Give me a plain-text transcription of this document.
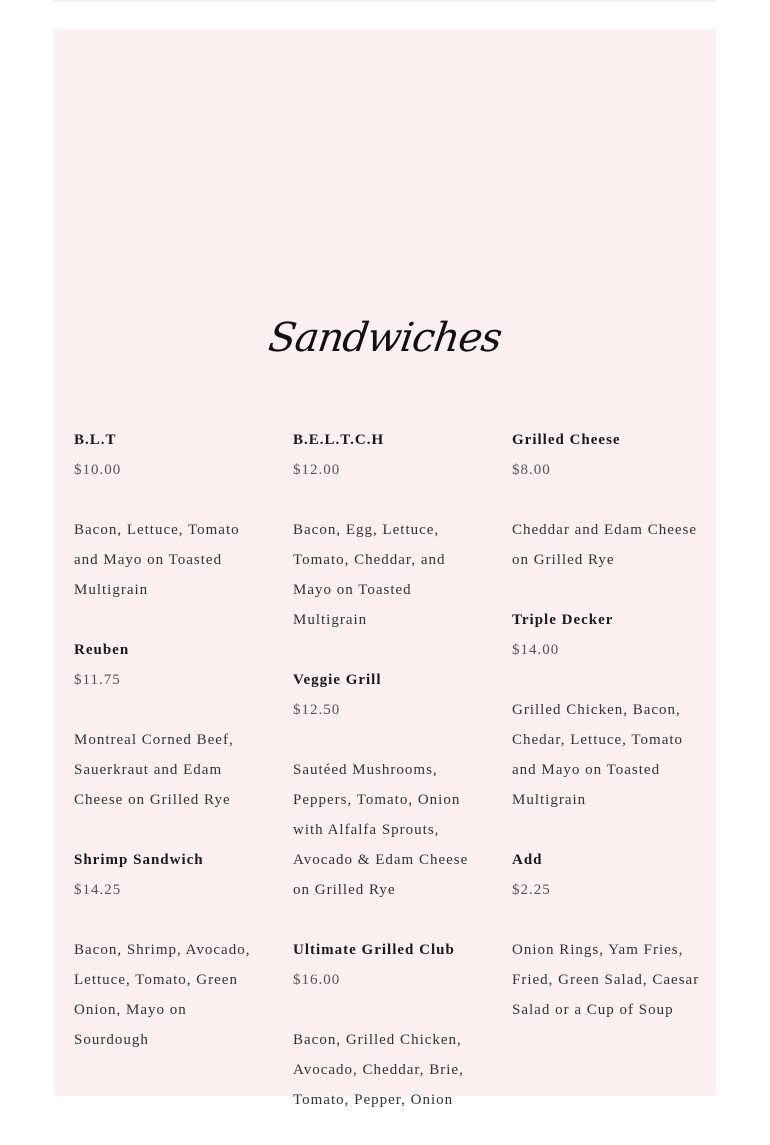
Sandwiches
B.L.T
$10.00
Bacon, Lettuce, Tomato and Mayo on Toasted Multigrain
Reuben
$11.75
Montreal Corned Beef, Sauerkraut and Edam Cheese on Grilled Rye
Shrimp Sandwich
$14.25
Bacon, Shrimp, Avocado, Lettuce, Tomato, Green Onion, Mayo on Sourdough
B.E.L.T.C.H
$12.00
Bacon, Egg, Lettuce, Tomato, Cheddar, and Mayo on Toasted Multigrain
Veggie Grill
$12.50
Sautéed Mushrooms, Peppers, Tomato, Onion with Alfalfa Sprouts, Avocado & Edam Cheese on Grilled Rye
Ultimate Grilled Club
$16.00
Bacon, Grilled Chicken, Avocado, Cheddar, Brie, Tomato, Pepper, Onion
Grilled Cheese
$8.00
Cheddar and Edam Cheese on Grilled Rye
Triple Decker
$14.00
Grilled Chicken, Bacon, Chedar, Lettuce, Tomato and Mayo on Toasted Multigrain
Add
$2.25
Onion Rings, Yam Fries, Fried, Green Salad, Caesar Salad or a Cup of Soup
